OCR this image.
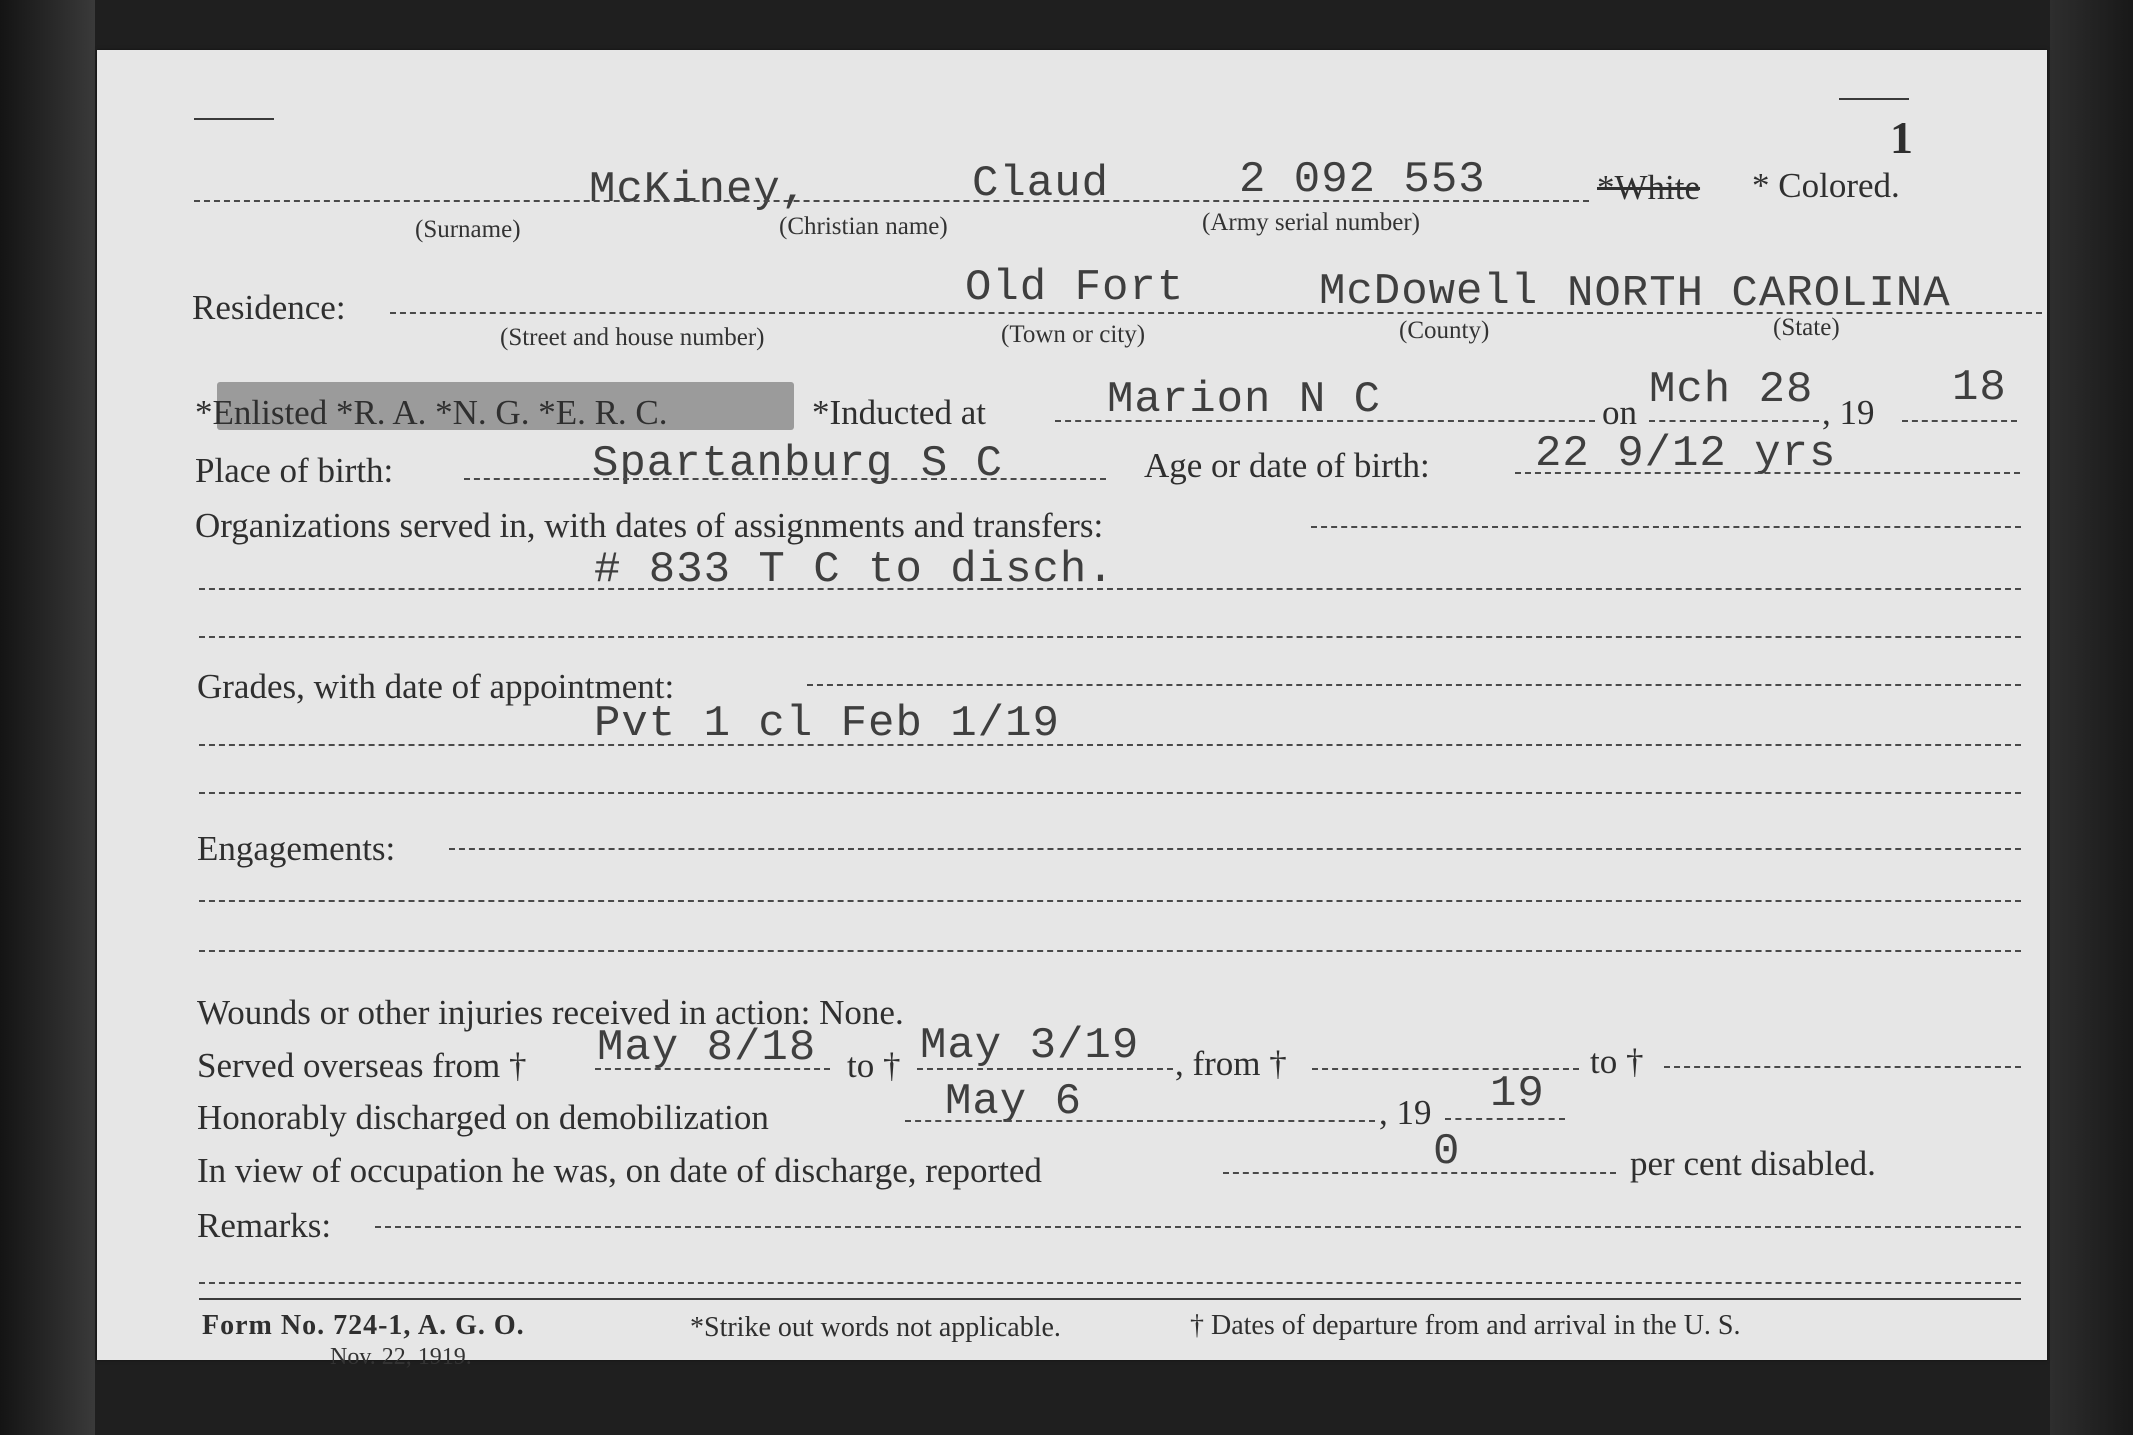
1
McKiney,	Claud	2 092 553	*White * Colored.
(Surname)	(Christian name)	(Army serial number)
Residence:	Old Fort	McDowell NORTH CAROLINA
(Street and house number)	(Town or city)	(County)	(State)
*Enlisted *R. A. *N. G. *E. R. C.	*Inducted at	Marion N C	on Mch 28 , 19 18
Place of birth:	Spartanburg S C	Age or date of birth: 22 9/12 yrs
Organizations served in, with dates of assignments and transfers:
# 833 T C to disch.
Grades, with date of appointment:
Pvt 1 cl Feb 1/19
Engagements:
Wounds or other injuries received in action: None.
Served overseas from † May 8/18 to † May 3/19 , from †	to †
Honorably discharged on demobilization	May 6	, 19 19
In view of occupation he was, on date of discharge, reported	0	per cent disabled.
Remarks:
Form No. 724-1, A. G. O.
Nov. 22, 1919.
*Strike out words not applicable.	† Dates of departure from and arrival in the U. S.
